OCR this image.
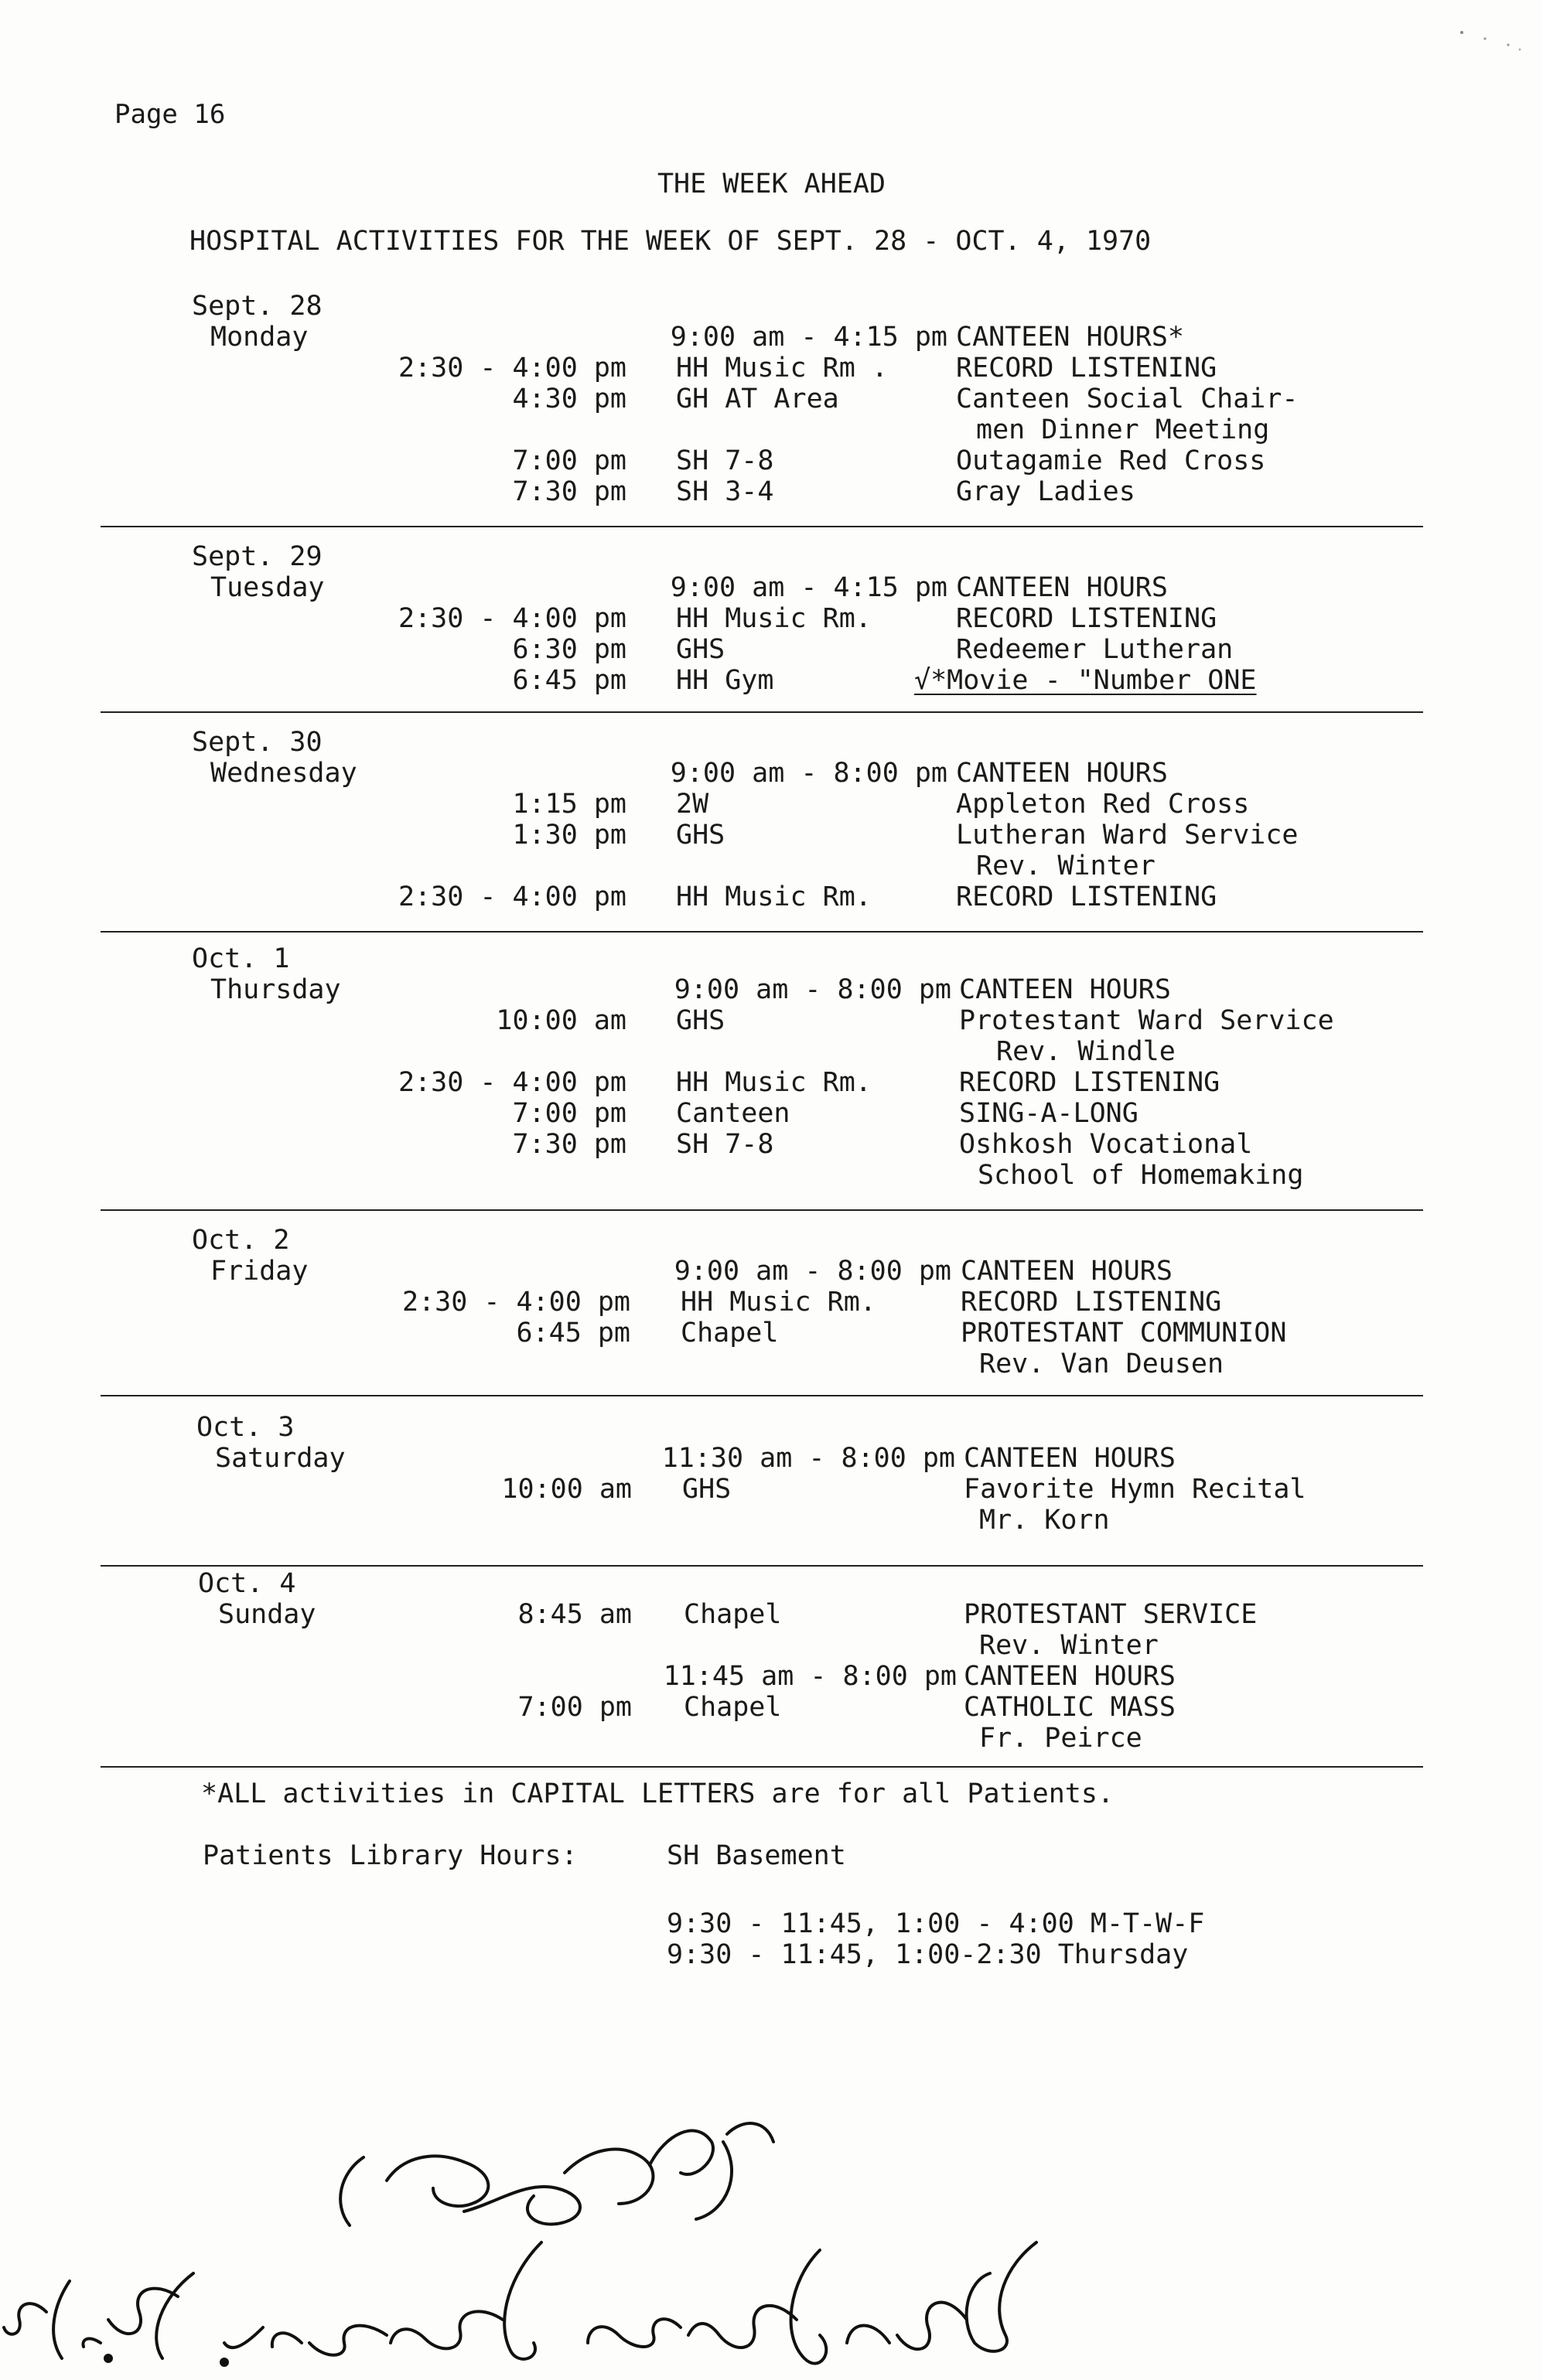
Page 16
THE WEEK AHEAD
HOSPITAL ACTIVITIES FOR THE WEEK OF SEPT. 28 - OCT. 4, 1970
Sept. 28
Monday	9:00 am - 4:15 pm CANTEEN HOURS*
2:30 - 4:00 pm HH Music Rm .	RECORD LISTENING
4:30 pm GH AT Area	Canteen Social Chair-
men Dinner Meeting
7:00 pm SH 7-8	Outagamie Red Cross
7:30 pm SH 3-4	Gray Ladies
Sept. 29
Tuesday	9:00 am - 4:15 pm CANTEEN HOURS
2:30 - 4:00 pm HH Music Rm.	RECORD LISTENING
6:30 pm GHS	Redeemer Lutheran
6:45 pm HH Gym	√*Movie - "Number ONE
Sept. 30
Wednesday	9:00 am - 8:00 pm CANTEEN HOURS
1:15 pm 2W	Appleton Red Cross
1:30 pm GHS	Lutheran Ward Service
Rev. Winter
2:30 - 4:00 pm HH Music Rm.	RECORD LISTENING
Oct. 1
Thursday	9:00 am - 8:00 pm CANTEEN HOURS
10:00 am GHS	Protestant Ward Service
Rev. Windle
2:30 - 4:00 pm HH Music Rm.	RECORD LISTENING
7:00 pm Canteen	SING-A-LONG
7:30 pm SH 7-8	Oshkosh Vocational
School of Homemaking
Oct. 2
Friday	9:00 am - 8:00 pm CANTEEN HOURS
2:30 - 4:00 pm HH Music Rm.	RECORD LISTENING
6:45 pm Chapel	PROTESTANT COMMUNION
Rev. Van Deusen
Oct. 3
Saturday	11:30 am - 8:00 pm CANTEEN HOURS
10:00 am GHS	Favorite Hymn Recital
Mr. Korn
Oct. 4
Sunday	8:45 am Chapel	PROTESTANT SERVICE
Rev. Winter
11:45 am - 8:00 pm CANTEEN HOURS
7:00 pm Chapel	CATHOLIC MASS
Fr. Peirce
*ALL activities in CAPITAL LETTERS are for all Patients.
Patients Library Hours:	SH Basement
9:30 - 11:45, 1:00 - 4:00 M-T-W-F
9:30 - 11:45, 1:00-2:30 Thursday
